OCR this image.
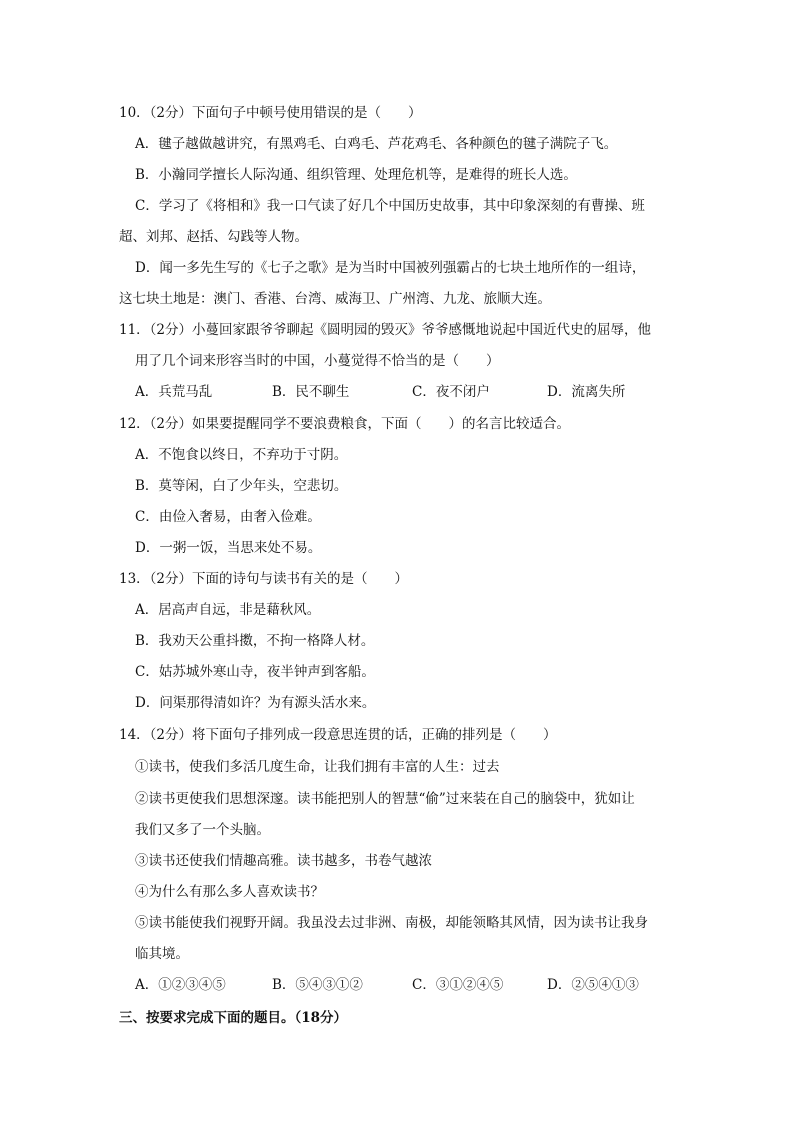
10．（2分）下面句子中顿号使用错误的是（　　）
A．毽子越做越讲究，有黑鸡毛、白鸡毛、芦花鸡毛、各种颜色的毽子满院子飞。
B．小瀚同学擅长人际沟通、组织管理、处理危机等，是难得的班长人选。
C．学习了《将相和》我一口气读了好几个中国历史故事，其中印象深刻的有曹操、班
超、刘邦、赵括、勾践等人物。
D．闻一多先生写的《七子之歌》是为当时中国被列强霸占的七块土地所作的一组诗，
这七块土地是：澳门、香港、台湾、威海卫、广州湾、九龙、旅顺大连。
11．（2分）小蔓回家跟爷爷聊起《圆明园的毁灭》爷爷感慨地说起中国近代史的屈辱，他
用了几个词来形容当时的中国，小蔓觉得不恰当的是（　　）
A．兵荒马乱	B．民不聊生	C．夜不闭户	D．流离失所
12．（2分）如果要提醒同学不要浪费粮食，下面（　　）的名言比较适合。
A．不饱食以终日，不弃功于寸阴。
B．莫等闲，白了少年头，空悲切。
C．由俭入奢易，由奢入俭难。
D．一粥一饭，当思来处不易。
13．（2分）下面的诗句与读书有关的是（　　）
A．居高声自远，非是藉秋风。
B．我劝天公重抖擞，不拘一格降人材。
C．姑苏城外寒山寺，夜半钟声到客船。
D．问渠那得清如许？为有源头活水来。
14．（2分）将下面句子排列成一段意思连贯的话，正确的排列是（　　）
①读书，使我们多活几度生命，让我们拥有丰富的人生：过去
②读书更使我们思想深邃。读书能把别人的智慧“偷”过来装在自己的脑袋中，犹如让
我们又多了一个头脑。
③读书还使我们情趣高雅。读书越多，书卷气越浓
④为什么有那么多人喜欢读书？
⑤读书能使我们视野开阔。我虽没去过非洲、南极，却能领略其风情，因为读书让我身
临其境。
A．①②③④⑤	B．⑤④③①②	C．③①②④⑤	D．②⑤④①③
三、按要求完成下面的题目。（18分）
